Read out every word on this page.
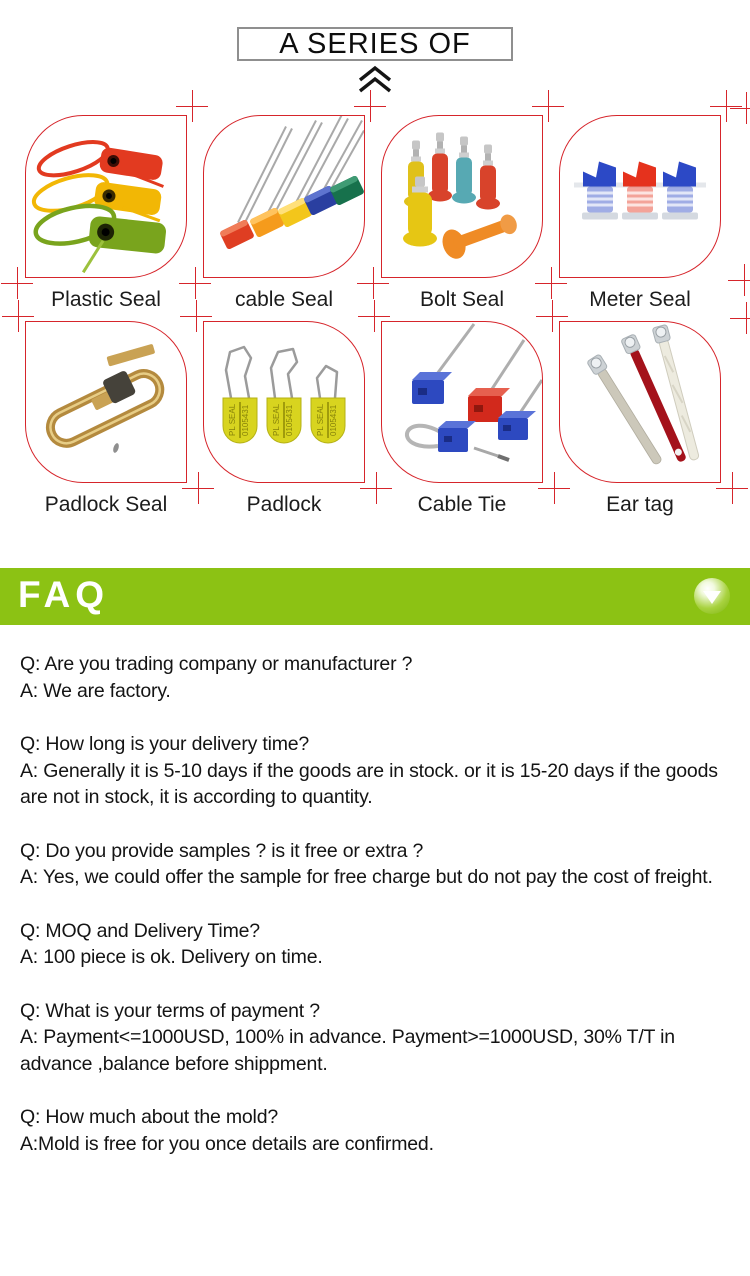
A SERIES OF
PL SEAL 0105431	PL SEAL 0105431	PL SEAL 0105431
Plastic Seal	cable Seal	Bolt Seal	Meter Seal
Padlock Seal	Padlock	Cable Tie	Ear tag
FAQ
Q: Are you trading company or manufacturer ?
A: We are factory.
Q: How long is your delivery time?
A: Generally it is 5-10 days if the goods are in stock. or it is 15-20 days if the goods are not in stock, it is according to quantity.
Q: Do you provide samples ? is it free or extra ?
A: Yes, we could offer the sample for free charge but do not pay the cost of freight.
Q: MOQ and Delivery Time?
A: 100 piece is ok. Delivery on time.
Q: What is your terms of payment ?
A: Payment<=1000USD, 100% in advance. Payment>=1000USD, 30% T/T in advance ,balance before shippment.
Q: How much about the mold?
A:Mold is free for you once details are confirmed.
